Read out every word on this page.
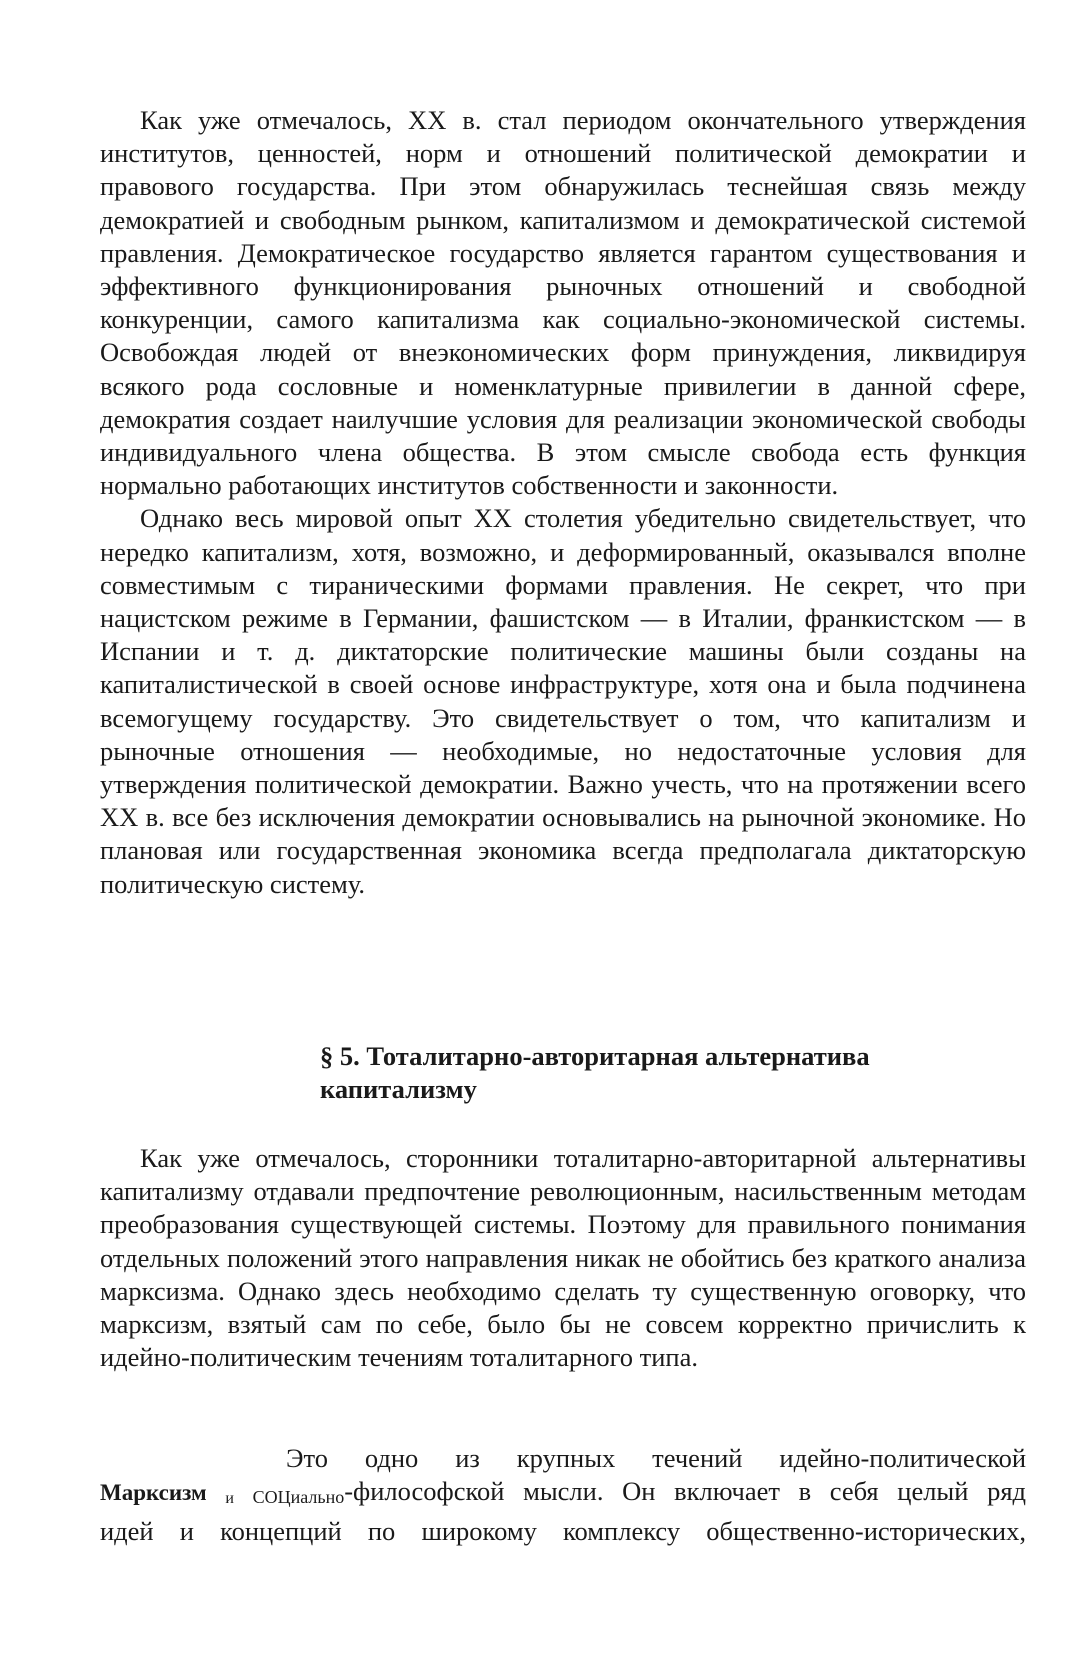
Как уже отмечалось, XX в. стал периодом окончательного утверждения институтов, ценностей, норм и отношений политической демократии и правового государства. При этом обнаружилась теснейшая связь между демократией и свободным рынком, капитализмом и демократической системой правления. Демократическое государство является гарантом существования и эффективного функционирования рыночных отношений и свободной конкуренции, самого капитализма как социально-экономической системы. Освобождая людей от внеэкономических форм принуждения, ликвидируя всякого рода сословные и номенклатурные привилегии в данной сфере, демократия создает наилучшие условия для реализации экономической свободы индивидуального члена общества. В этом смысле свобода есть функция нормально работающих институтов собственности и законности.

Однако весь мировой опыт XX столетия убедительно свидетельствует, что нередко капитализм, хотя, возможно, и деформированный, оказывался вполне совместимым с тираническими формами правления. Не секрет, что при нацистском режиме в Германии, фашистском — в Италии, франкистском — в Испании и т. д. диктаторские политические машины были созданы на капиталистической в своей основе инфраструктуре, хотя она и была подчинена всемогущему государству. Это свидетельствует о том, что капитализм и рыночные отношения — необходимые, но недостаточные условия для утверждения политической демократии. Важно учесть, что на протяжении всего XX в. все без исключения демократии основывались на рыночной экономике. Но плановая или государственная экономика всегда предполагала диктаторскую политическую систему.

§ 5. Тоталитарно-авторитарная альтернатива
капитализму

Как уже отмечалось, сторонники тоталитарно-авторитарной альтернативы капитализму отдавали предпочтение революционным, насильственным методам преобразования существующей системы. Поэтому для правильного понимания отдельных положений этого направления никак не обойтись без краткого анализа марксизма. Однако здесь необходимо сделать ту существенную оговорку, что марксизм, взятый сам по себе, было бы не совсем корректно причислить к идейно-политическим течениям тоталитарного типа.

Это одно из крупных течений идейно-политической

Марксизм и СОЦиально-философской мысли. Он включает в себя целый ряд

идей и концепций по широкому комплексу общественно-исторических,
